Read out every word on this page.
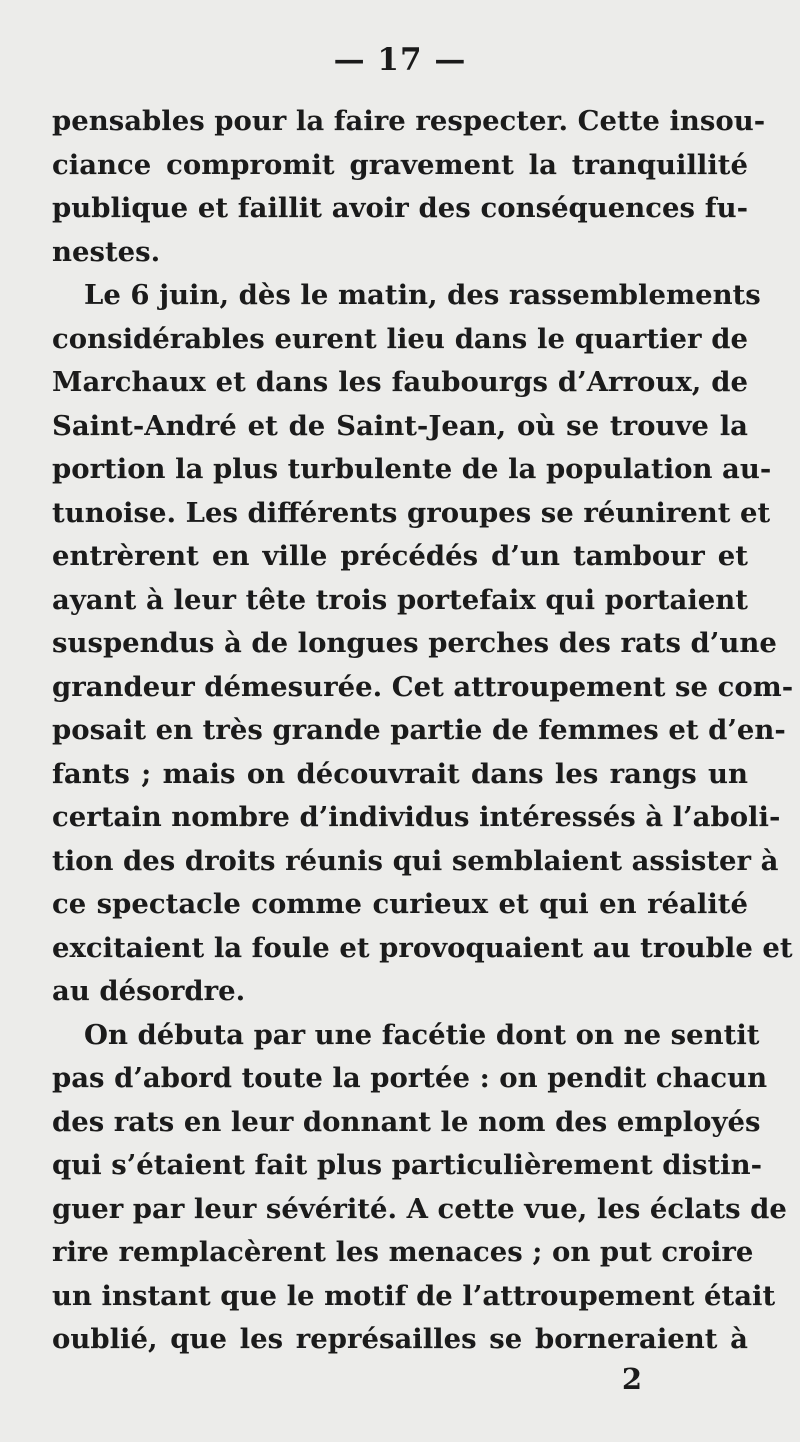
— 17 —
pensables pour la faire respecter. Cette insou-
ciance compromit gravement la tranquillité
publique et faillit avoir des conséquences fu-
nestes.
Le 6 juin, dès le matin, des rassemblements
considérables eurent lieu dans le quartier de
Marchaux et dans les faubourgs d’Arroux, de
Saint-André et de Saint-Jean, où se trouve la
portion la plus turbulente de la population au-
tunoise. Les différents groupes se réunirent et
entrèrent en ville précédés d’un tambour et
ayant à leur tête trois portefaix qui portaient
suspendus à de longues perches des rats d’une
grandeur démesurée. Cet attroupement se com-
posait en très grande partie de femmes et d’en-
fants ; mais on découvrait dans les rangs un
certain nombre d’individus intéressés à l’aboli-
tion des droits réunis qui semblaient assister à
ce spectacle comme curieux et qui en réalité
excitaient la foule et provoquaient au trouble et
au désordre.
On débuta par une facétie dont on ne sentit
pas d’abord toute la portée : on pendit chacun
des rats en leur donnant le nom des employés
qui s’étaient fait plus particulièrement distin-
guer par leur sévérité. A cette vue, les éclats de
rire remplacèrent les menaces ; on put croire
un instant que le motif de l’attroupement était
oublié, que les représailles se borneraient à
2
